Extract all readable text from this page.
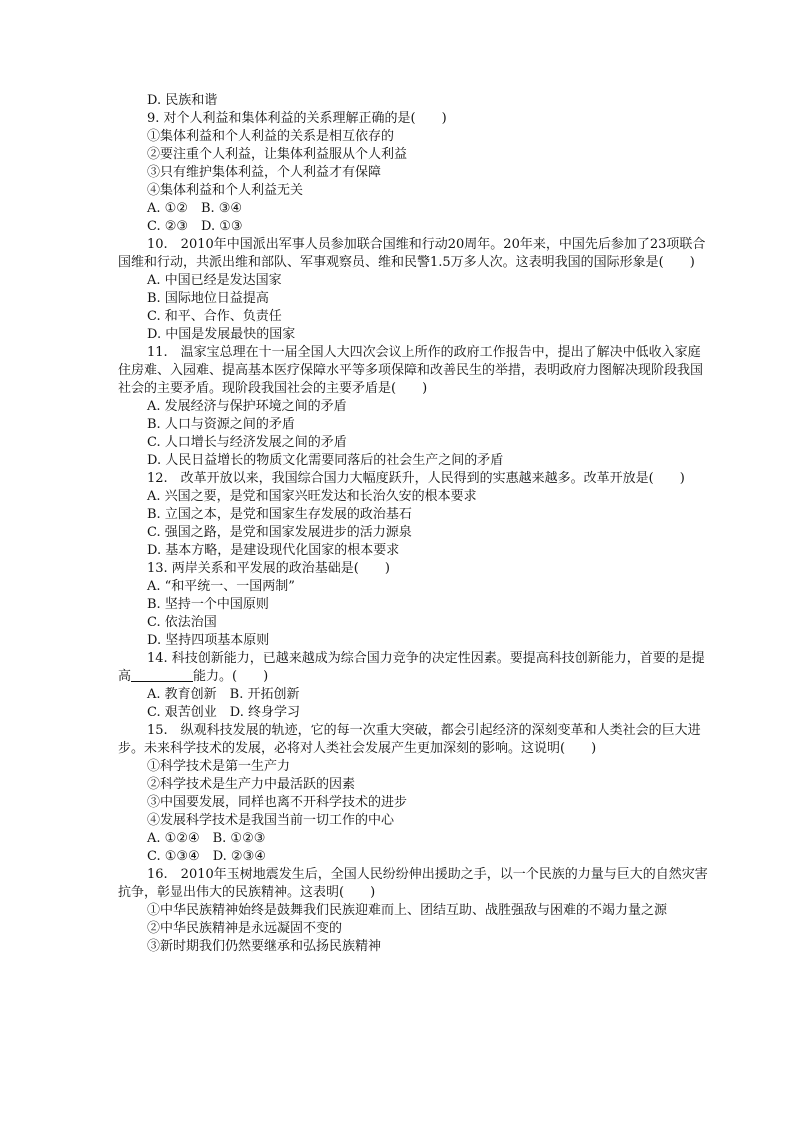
D. 民族和谐
9. 对个人利益和集体利益的关系理解正确的是(　　)
①集体利益和个人利益的关系是相互依存的
②要注重个人利益，让集体利益服从个人利益
③只有维护集体利益，个人利益才有保障
④集体利益和个人利益无关
A. ①②　B. ③④
C. ②③　D. ①③
10.　2010年中国派出军事人员参加联合国维和行动20周年。20年来，中国先后参加了23项联合国维和行动，共派出维和部队、军事观察员、维和民警1.5万多人次。这表明我国的国际形象是(　　)
A. 中国已经是发达国家
B. 国际地位日益提高
C. 和平、合作、负责任
D. 中国是发展最快的国家
11.　温家宝总理在十一届全国人大四次会议上所作的政府工作报告中，提出了解决中低收入家庭住房难、入园难、提高基本医疗保障水平等多项保障和改善民生的举措，表明政府力图解决现阶段我国社会的主要矛盾。现阶段我国社会的主要矛盾是(　　)
A. 发展经济与保护环境之间的矛盾
B. 人口与资源之间的矛盾
C. 人口增长与经济发展之间的矛盾
D. 人民日益增长的物质文化需要同落后的社会生产之间的矛盾
12.　改革开放以来，我国综合国力大幅度跃升，人民得到的实惠越来越多。改革开放是(　　)
A. 兴国之要，是党和国家兴旺发达和长治久安的根本要求
B. 立国之本，是党和国家生存发展的政治基石
C. 强国之路，是党和国家发展进步的活力源泉
D. 基本方略，是建设现代化国家的根本要求
13. 两岸关系和平发展的政治基础是(　　)
A. “和平统一、一国两制”
B. 坚持一个中国原则
C. 依法治国
D. 坚持四项基本原则
14. 科技创新能力，已越来越成为综合国力竞争的决定性因素。要提高科技创新能力，首要的是提高	能力。(　　)
A. 教育创新　B. 开拓创新
C. 艰苦创业　D. 终身学习
15.　纵观科技发展的轨迹，它的每一次重大突破，都会引起经济的深刻变革和人类社会的巨大进步。未来科学技术的发展，必将对人类社会发展产生更加深刻的影响。这说明(　　)
①科学技术是第一生产力
②科学技术是生产力中最活跃的因素
③中国要发展，同样也离不开科学技术的进步
④发展科学技术是我国当前一切工作的中心
A. ①②④　B. ①②③
C. ①③④　D. ②③④
16.　2010年玉树地震发生后，全国人民纷纷伸出援助之手，以一个民族的力量与巨大的自然灾害抗争，彰显出伟大的民族精神。这表明(　　)
①中华民族精神始终是鼓舞我们民族迎难而上、团结互助、战胜强敌与困难的不竭力量之源
②中华民族精神是永远凝固不变的
③新时期我们仍然要继承和弘扬民族精神
